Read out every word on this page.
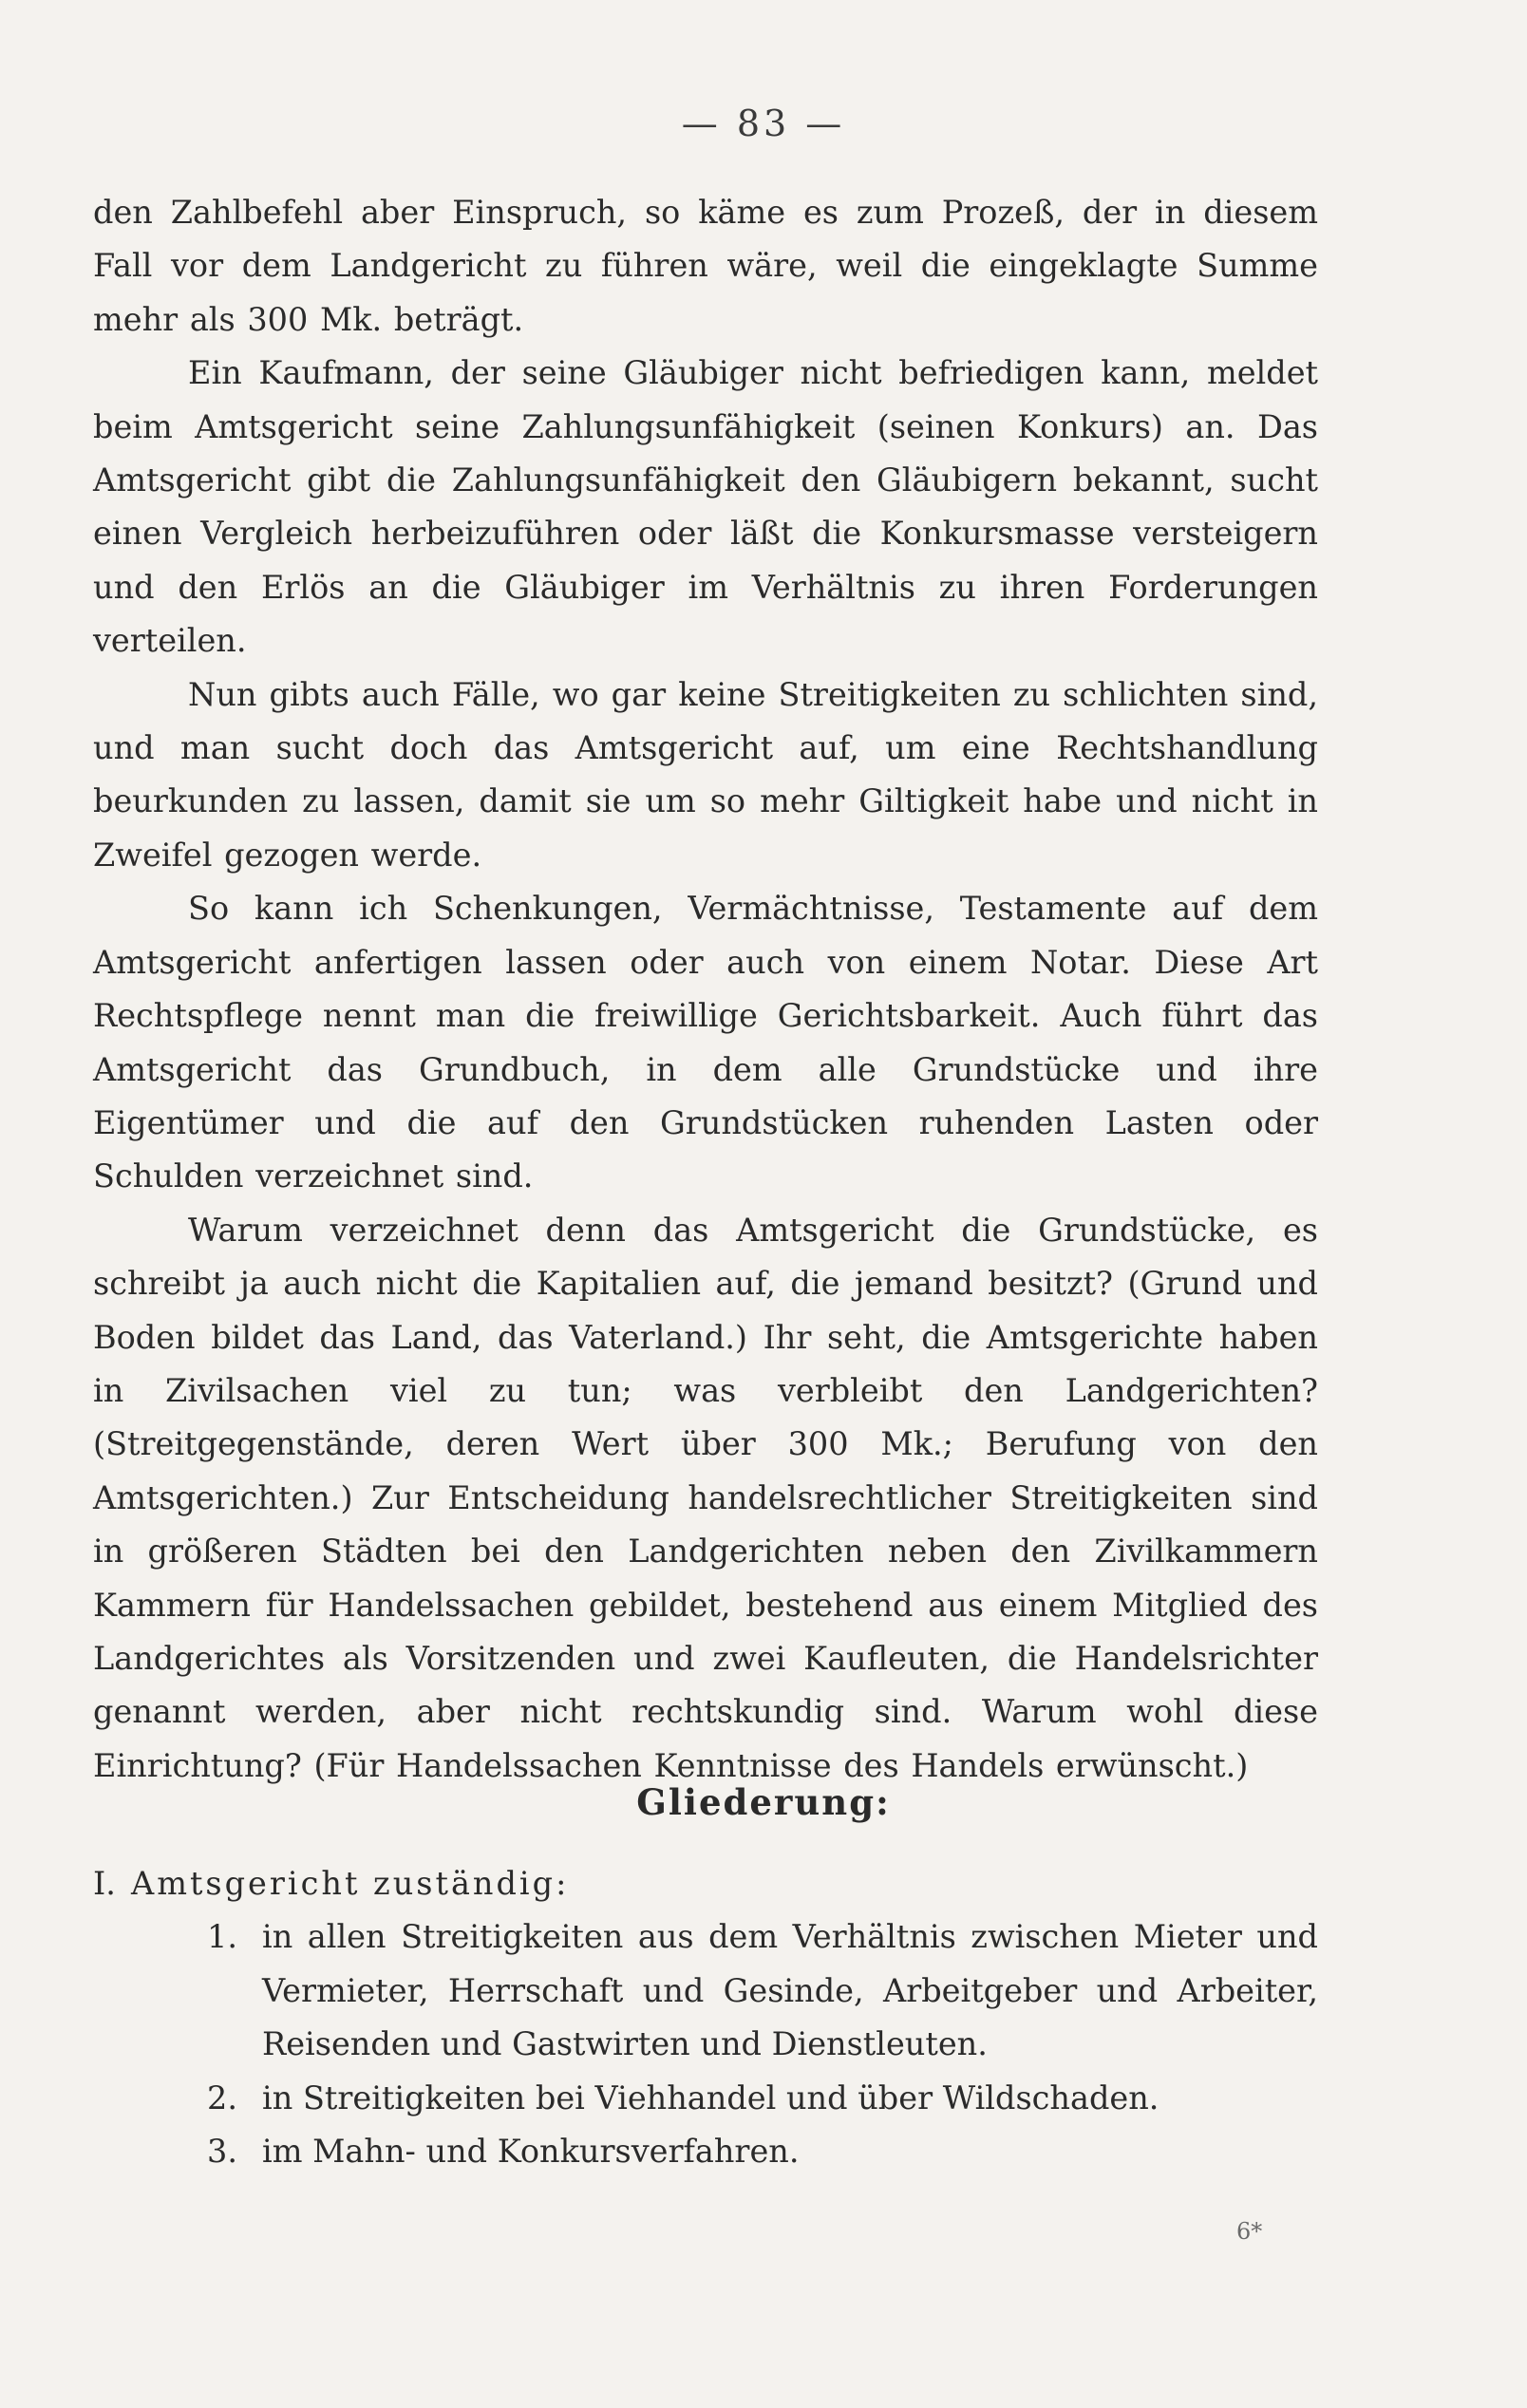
— 83 —

den Zahlbefehl aber Einspruch, so käme es zum Prozeß, der in diesem Fall vor dem Landgericht zu führen wäre, weil die eingeklagte Summe mehr als 300 Mk. beträgt.

Ein Kaufmann, der seine Gläubiger nicht befriedigen kann, meldet beim Amtsgericht seine Zahlungsunfähigkeit (seinen Konkurs) an. Das Amtsgericht gibt die Zahlungsunfähigkeit den Gläubigern bekannt, sucht einen Vergleich herbeizuführen oder läßt die Konkursmasse versteigern und den Erlös an die Gläubiger im Verhältnis zu ihren Forderungen verteilen.

Nun gibts auch Fälle, wo gar keine Streitigkeiten zu schlichten sind, und man sucht doch das Amtsgericht auf, um eine Rechtshandlung beurkunden zu lassen, damit sie um so mehr Giltigkeit habe und nicht in Zweifel gezogen werde.

So kann ich Schenkungen, Vermächtnisse, Testamente auf dem Amtsgericht anfertigen lassen oder auch von einem Notar. Diese Art Rechtspflege nennt man die freiwillige Gerichtsbarkeit. Auch führt das Amtsgericht das Grundbuch, in dem alle Grundstücke und ihre Eigentümer und die auf den Grundstücken ruhenden Lasten oder Schulden verzeichnet sind.

Warum verzeichnet denn das Amtsgericht die Grundstücke, es schreibt ja auch nicht die Kapitalien auf, die jemand besitzt? (Grund und Boden bildet das Land, das Vaterland.) Ihr seht, die Amtsgerichte haben in Zivilsachen viel zu tun; was verbleibt den Landgerichten? (Streitgegenstände, deren Wert über 300 Mk.; Berufung von den Amtsgerichten.) Zur Entscheidung handelsrechtlicher Streitigkeiten sind in größeren Städten bei den Landgerichten neben den Zivilkammern Kammern für Handelssachen gebildet, bestehend aus einem Mitglied des Landgerichtes als Vorsitzenden und zwei Kaufleuten, die Handelsrichter genannt werden, aber nicht rechtskundig sind. Warum wohl diese Einrichtung? (Für Handelssachen Kenntnisse des Handels erwünscht.)

Gliederung:
I. Amtsgericht zuständig:
1. in allen Streitigkeiten aus dem Verhältnis zwischen Mieter und Vermieter, Herrschaft und Gesinde, Arbeitgeber und Arbeiter, Reisenden und Gastwirten und Dienstleuten.
2. in Streitigkeiten bei Viehhandel und über Wildschaden.
3. im Mahn- und Konkursverfahren.
6*
